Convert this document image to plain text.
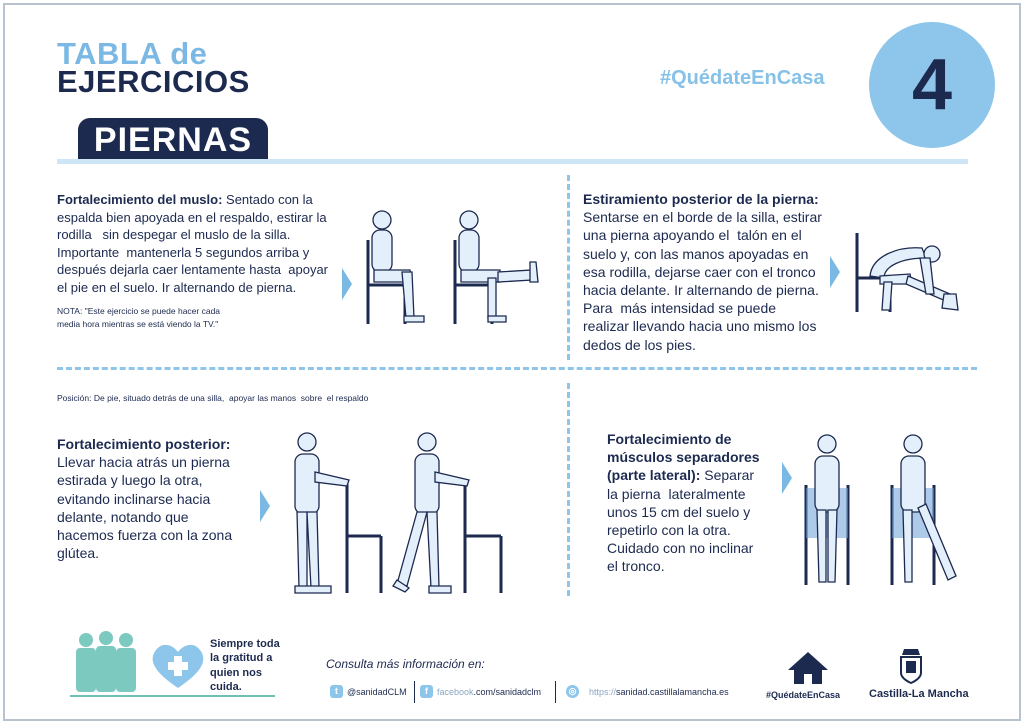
TABLA de
EJERCICIOS
PIERNAS
#QuédateEnCasa	4
Fortalecimiento del muslo: Sentado con la
espalda bien apoyada en el respaldo, estirar la
rodilla   sin despegar el muslo de la silla.
Importante  mantenerla 5 segundos arriba y
después dejarla caer lentamente hasta  apoyar
el pie en el suelo. Ir alternando de pierna.
NOTA: "Este ejercicio se puede hacer cada
media hora mientras se está viendo la TV."
Estiramiento posterior de la pierna:
Sentarse en el borde de la silla, estirar
una pierna apoyando el  talón en el
suelo y, con las manos apoyadas en
esa rodilla, dejarse caer con el tronco
hacia delante. Ir alternando de pierna.
Para  más intensidad se puede
realizar llevando hacia uno mismo los
dedos de los pies.
Posición: De pie, situado detrás de una silla,  apoyar las manos  sobre  el respaldo
Fortalecimiento posterior:
Llevar hacia atrás un pierna
estirada y luego la otra,
evitando inclinarse hacia
delante, notando que
hacemos fuerza con la zona
glútea.
Fortalecimiento de
músculos separadores
(parte lateral): Separar
la pierna  lateralmente
unos 15 cm del suelo y
repetirlo con la otra.
Cuidado con no inclinar
el tronco.
Siempre toda
la gratitud a
quien nos
cuida.
Consulta más información en:
t	@sanidadCLM	f	facebook.com/sanidadclm	◎ https://sanidad.castillalamancha.es	#QuédateEnCasa	Castilla-La Mancha
